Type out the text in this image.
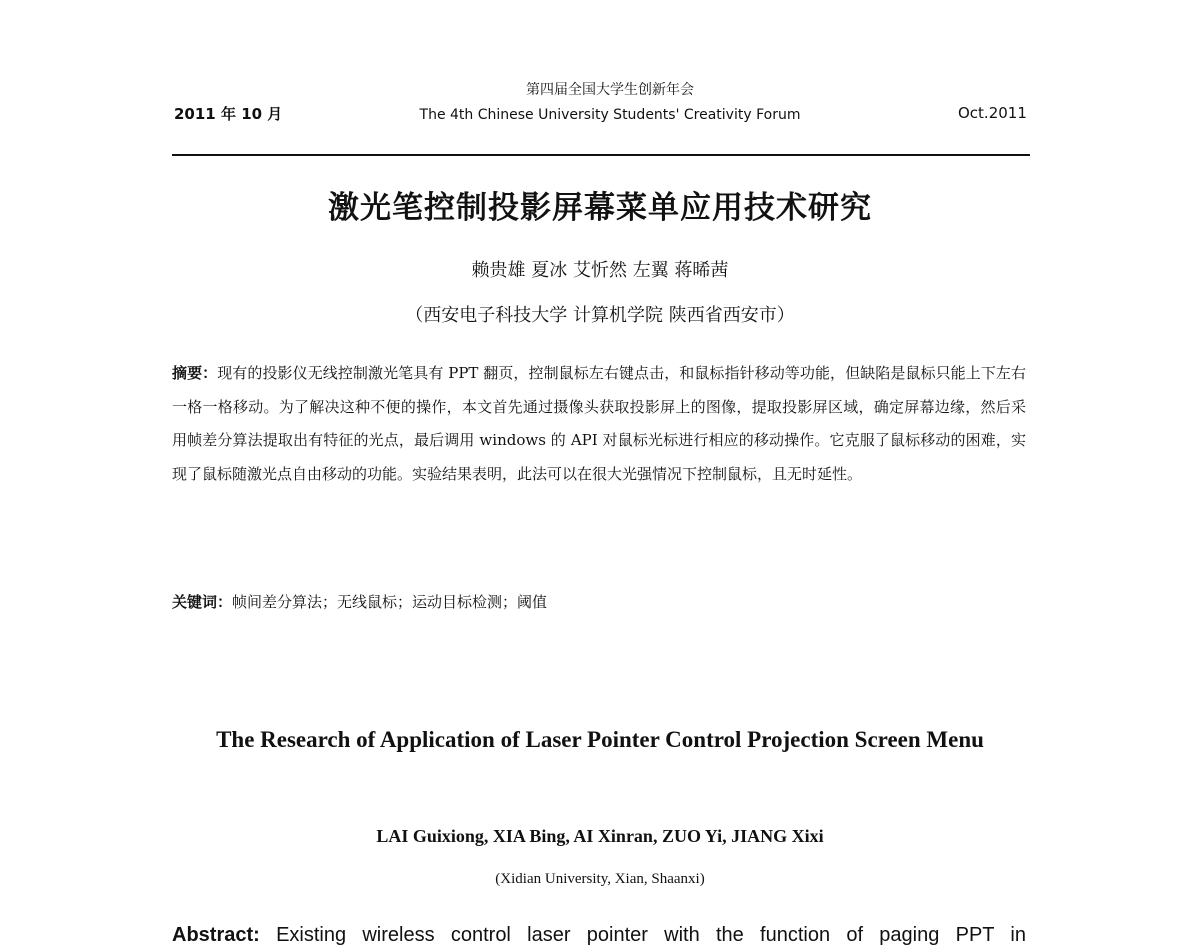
2011 年 10 月
第四届全国大学生创新年会
The 4th Chinese University Students' Creativity Forum	Oct.2011
激光笔控制投影屏幕菜单应用技术研究
赖贵雄 夏冰 艾忻然 左翼 蒋晞茜
（西安电子科技大学 计算机学院 陕西省西安市）
摘要：现有的投影仪无线控制激光笔具有 PPT 翻页，控制鼠标左右键点击，和鼠标指针移动等功能，但缺陷是鼠标只能上下左右一格一格移动。为了解决这种不便的操作，本文首先通过摄像头获取投影屏上的图像，提取投影屏区域，确定屏幕边缘，然后采用帧差分算法提取出有特征的光点，最后调用 windows 的 API 对鼠标光标进行相应的移动操作。它克服了鼠标移动的困难，实现了鼠标随激光点自由移动的功能。实验结果表明，此法可以在很大光强情况下控制鼠标，且无时延性。
关键词：帧间差分算法；无线鼠标；运动目标检测；阈值
The Research of Application of Laser Pointer Control Projection Screen Menu
LAI Guixiong, XIA Bing, AI Xinran, ZUO Yi, JIANG Xixi
(Xidian University, Xian, Shaanxi)
Abstract: Existing wireless control laser pointer with the function of paging PPT in
